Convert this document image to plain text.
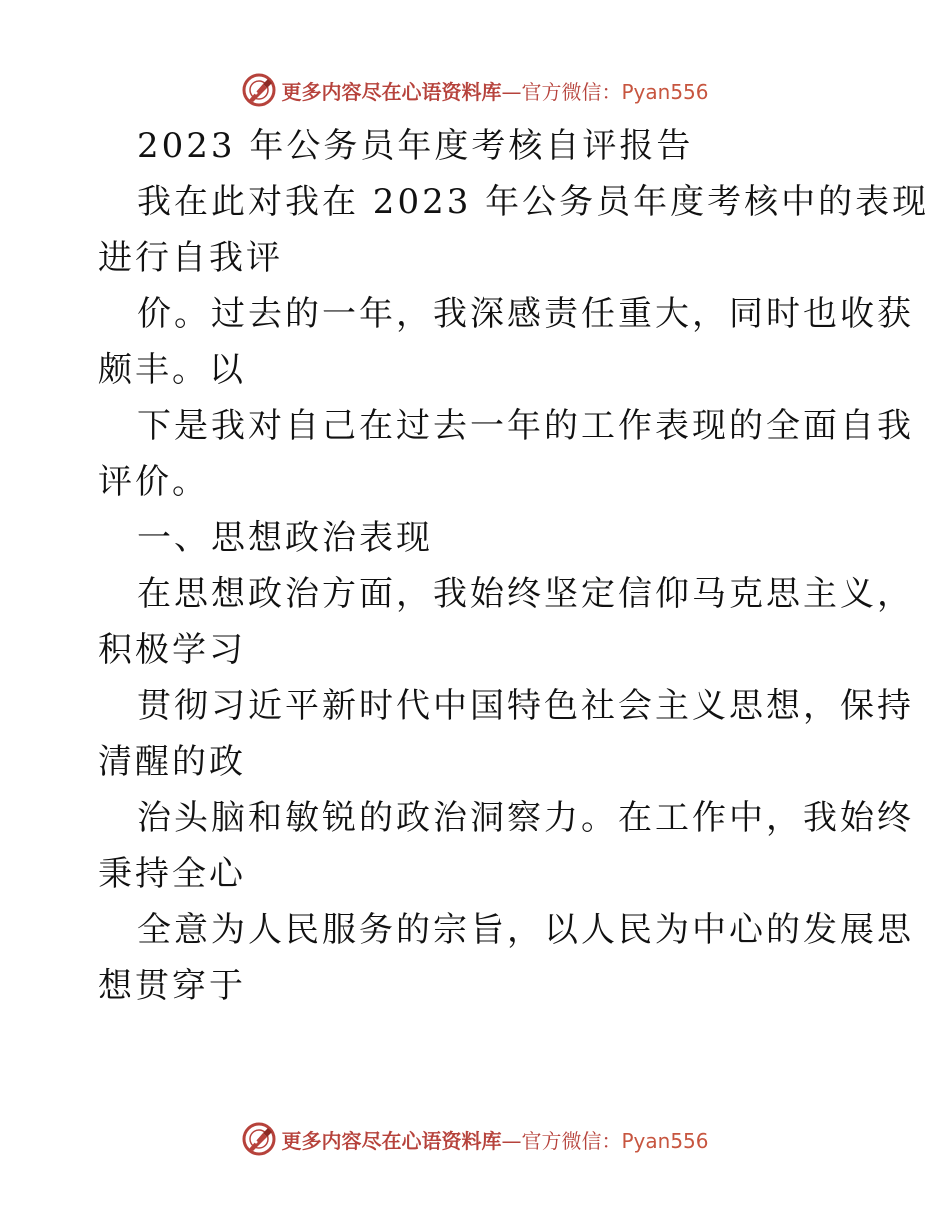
更多内容尽在心语资料库—官方微信：Pyan556
2023 年公务员年度考核自评报告
我在此对我在 2023 年公务员年度考核中的表现
进行自我评
价。过去的一年，我深感责任重大，同时也收获
颇丰。以
下是我对自己在过去一年的工作表现的全面自我
评价。
一、思想政治表现
在思想政治方面，我始终坚定信仰马克思主义，
积极学习
贯彻习近平新时代中国特色社会主义思想，保持
清醒的政
治头脑和敏锐的政治洞察力。在工作中，我始终
秉持全心
全意为人民服务的宗旨，以人民为中心的发展思
想贯穿于
更多内容尽在心语资料库—官方微信：Pyan556
